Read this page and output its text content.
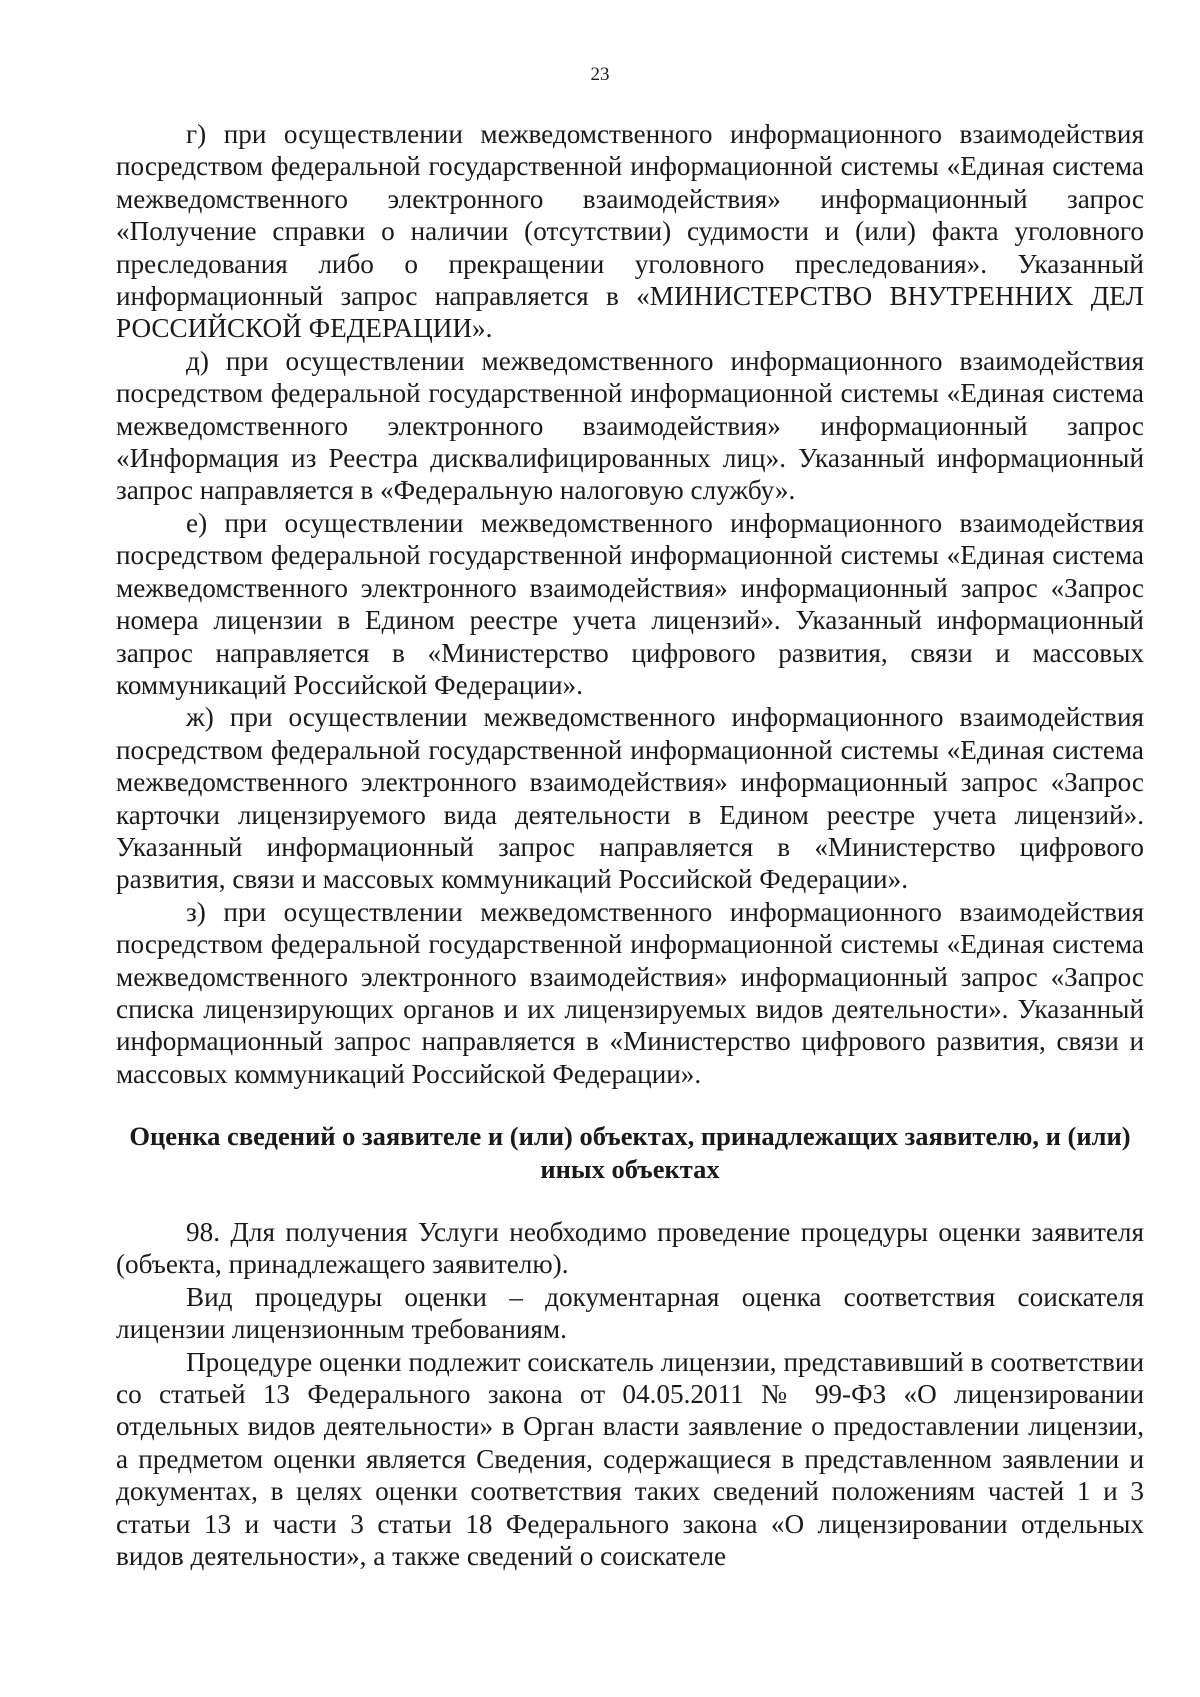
23

г) при осуществлении межведомственного информационного взаимодействия посредством федеральной государственной информационной системы «Единая система межведомственного электронного взаимодействия» информационный запрос «Получение справки о наличии (отсутствии) судимости и (или) факта уголовного преследования либо о прекращении уголовного преследования». Указанный информационный запрос направляется в «МИНИСТЕРСТВО ВНУТРЕННИХ ДЕЛ РОССИЙСКОЙ ФЕДЕРАЦИИ».

д) при осуществлении межведомственного информационного взаимодействия посредством федеральной государственной информационной системы «Единая система межведомственного электронного взаимодействия» информационный запрос «Информация из Реестра дисквалифицированных лиц». Указанный информационный запрос направляется в «Федеральную налоговую службу».

е) при осуществлении межведомственного информационного взаимодействия посредством федеральной государственной информационной системы «Единая система межведомственного электронного взаимодействия» информационный запрос «Запрос номера лицензии в Едином реестре учета лицензий». Указанный информационный запрос направляется в «Министерство цифрового развития, связи и массовых коммуникаций Российской Федерации».

ж) при осуществлении межведомственного информационного взаимодействия посредством федеральной государственной информационной системы «Единая система межведомственного электронного взаимодействия» информационный запрос «Запрос карточки лицензируемого вида деятельности в Едином реестре учета лицензий». Указанный информационный запрос направляется в «Министерство цифрового развития, связи и массовых коммуникаций Российской Федерации».

з) при осуществлении межведомственного информационного взаимодействия посредством федеральной государственной информационной системы «Единая система межведомственного электронного взаимодействия» информационный запрос «Запрос списка лицензирующих органов и их лицензируемых видов деятельности». Указанный информационный запрос направляется в «Министерство цифрового развития, связи и массовых коммуникаций Российской Федерации».

Оценка сведений о заявителе и (или) объектах, принадлежащих заявителю, и (или) иных объектах

98. Для получения Услуги необходимо проведение процедуры оценки заявителя (объекта, принадлежащего заявителю).

Вид процедуры оценки – документарная оценка соответствия соискателя лицензии лицензионным требованиям.

Процедуре оценки подлежит соискатель лицензии, представивший в соответствии со статьей 13 Федерального закона от 04.05.2011 № 99-ФЗ «О лицензировании отдельных видов деятельности» в Орган власти заявление о предоставлении лицензии, а предметом оценки является Сведения, содержащиеся в представленном заявлении и документах, в целях оценки соответствия таких сведений положениям частей 1 и 3 статьи 13 и части 3 статьи 18 Федерального закона «О лицензировании отдельных видов деятельности», а также сведений о соискателе
